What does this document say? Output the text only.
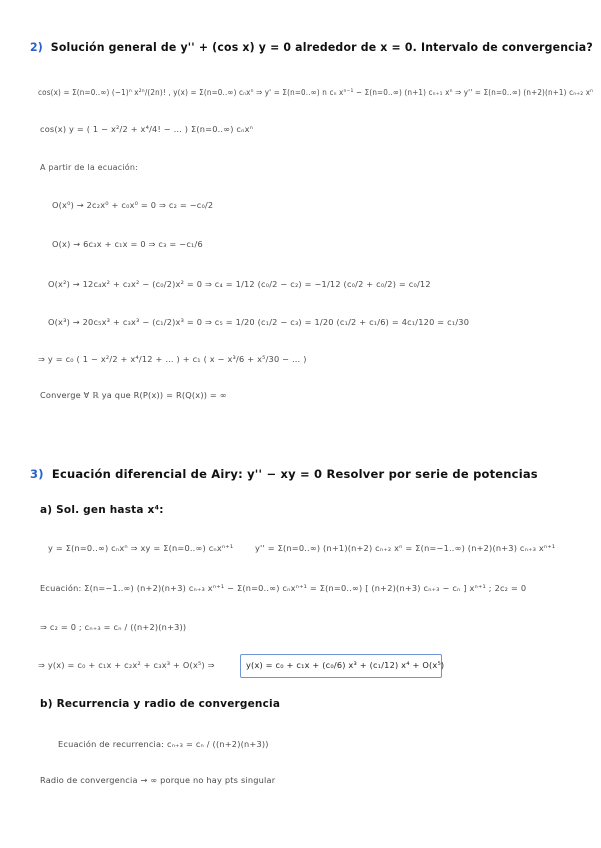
2) Solución general de y'' + (cos x) y = 0 alrededor de x = 0. Intervalo de convergencia?
cos(x) = Σ(n=0..∞) (−1)ⁿ x²ⁿ/(2n)! , y(x) = Σ(n=0..∞) cₙxⁿ ⇒ y' = Σ(n=0..∞) n cₙ xⁿ⁻¹ − Σ(n=0..∞) (n+1) cₙ₊₁ xⁿ ⇒ y'' = Σ(n=0..∞) (n+2)(n+1) cₙ₊₂ xⁿ
cos(x) y = ( 1 − x²/2 + x⁴/4! − … ) Σ(n=0..∞) cₙxⁿ
A partir de la ecuación:
O(x⁰) → 2c₂x⁰ + c₀x⁰ = 0 ⇒ c₂ = −c₀/2
O(x) → 6c₃x + c₁x = 0 ⇒ c₃ = −c₁/6
O(x²) → 12c₄x² + c₂x² − (c₀/2)x² = 0 ⇒ c₄ = 1/12 (c₀/2 − c₂) = −1/12 (c₀/2 + c₀/2) = c₀/12
O(x³) → 20c₅x³ + c₃x³ − (c₁/2)x³ = 0 ⇒ c₅ = 1/20 (c₁/2 − c₃) = 1/20 (c₁/2 + c₁/6) = 4c₁/120 = c₁/30
⇒ y = c₀ ( 1 − x²/2 + x⁴/12 + … ) + c₁ ( x − x³/6 + x⁵/30 − … )
Converge ∀ ℝ ya que R(P(x)) = R(Q(x)) = ∞
3) Ecuación diferencial de Airy: y'' − xy = 0 Resolver por serie de potencias
a) Sol. gen hasta x⁴:
y = Σ(n=0..∞) cₙxⁿ ⇒ xy = Σ(n=0..∞) cₙxⁿ⁺¹	y'' = Σ(n=0..∞) (n+1)(n+2) cₙ₊₂ xⁿ = Σ(n=−1..∞) (n+2)(n+3) cₙ₊₃ xⁿ⁺¹
Ecuación: Σ(n=−1..∞) (n+2)(n+3) cₙ₊₃ xⁿ⁺¹ − Σ(n=0..∞) cₙxⁿ⁺¹ = Σ(n=0..∞) [ (n+2)(n+3) cₙ₊₃ − cₙ ] xⁿ⁺¹ ; 2c₂ = 0
⇒ c₂ = 0 ; cₙ₊₃ = cₙ / ((n+2)(n+3))
⇒ y(x) = c₀ + c₁x + c₂x² + c₃x³ + O(x⁵) ⇒	y(x) = c₀ + c₁x + (c₀/6) x³ + (c₁/12) x⁴ + O(x⁵)
b) Recurrencia y radio de convergencia
Ecuación de recurrencia: cₙ₊₃ = cₙ / ((n+2)(n+3))
Radio de convergencia → ∞ porque no hay pts singular
